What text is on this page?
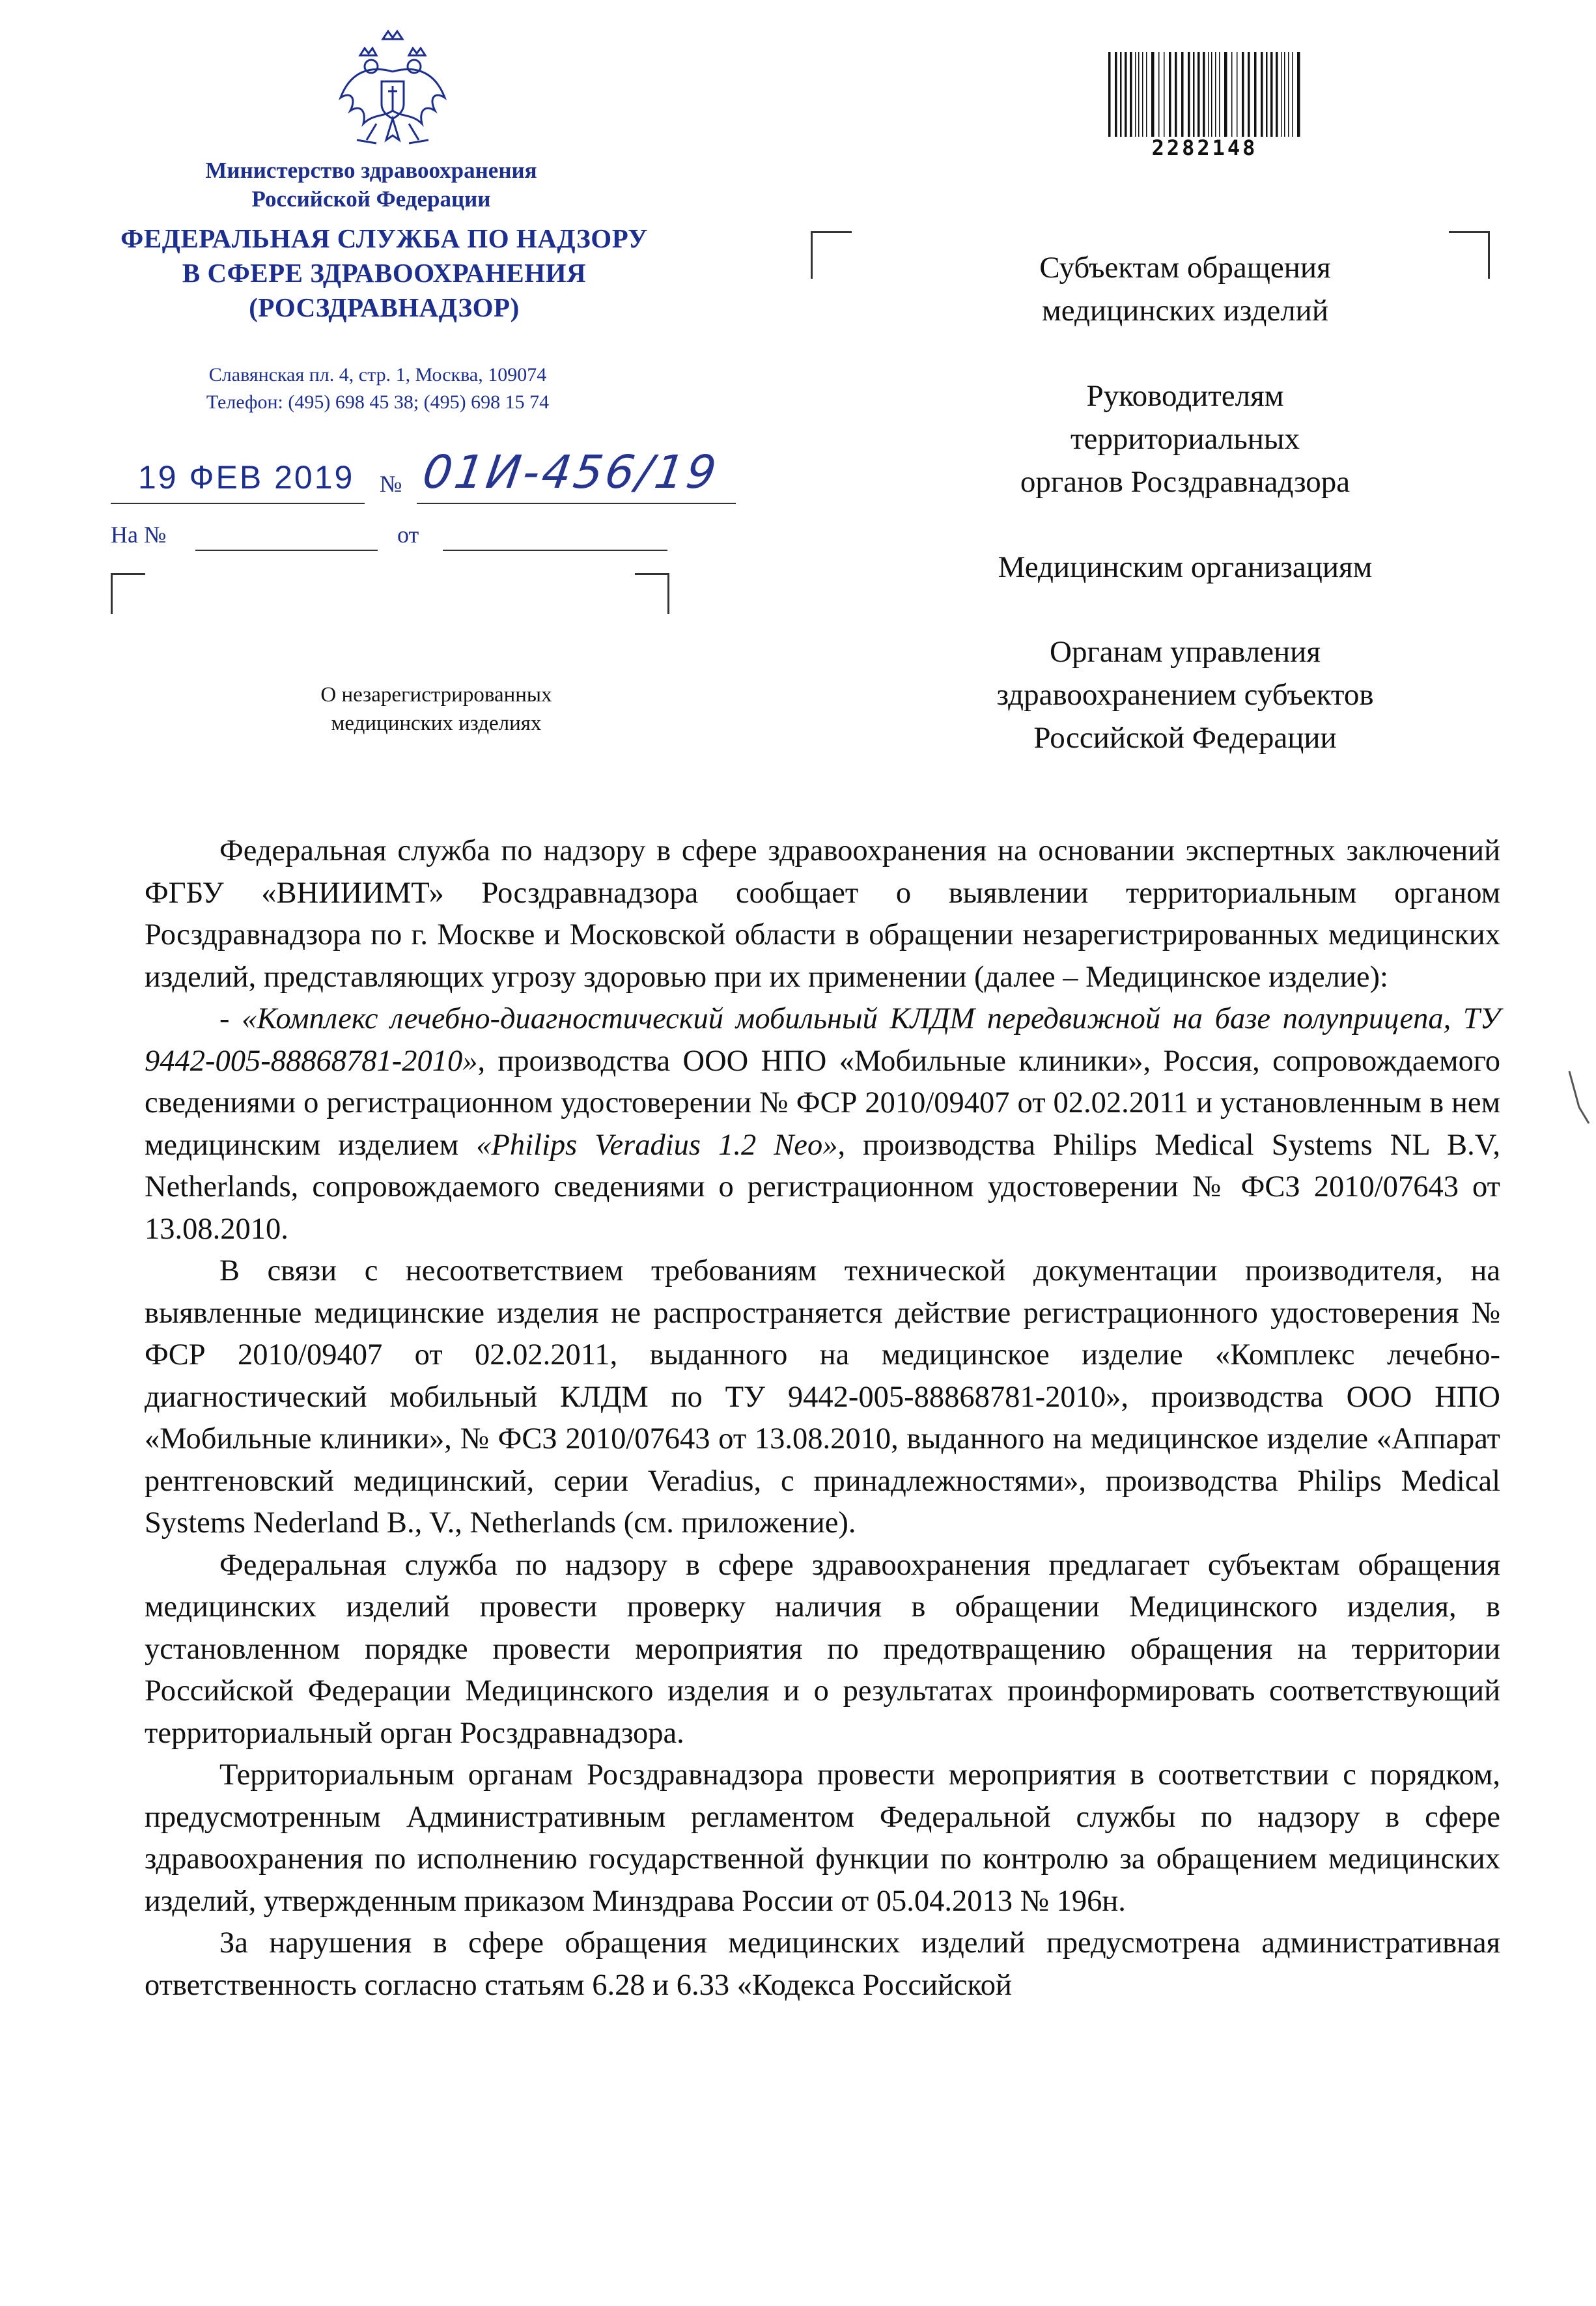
Министерство здравоохранения
Российской Федерации
ФЕДЕРАЛЬНАЯ СЛУЖБА ПО НАДЗОРУ
В СФЕРЕ ЗДРАВООХРАНЕНИЯ
(РОСЗДРАВНАДЗОР)
Славянская пл. 4, стр. 1, Москва, 109074
Телефон: (495) 698 45 38; (495) 698 15 74
19 ФЕВ 2019 № 01И-456/19
На №	от
О незарегистрированных
медицинских изделиях
2282148
Субъектам обращения
медицинских изделий
Руководителям
территориальных
органов Росздравнадзора
Медицинским организациям
Органам управления
здравоохранением субъектов
Российской Федерации

Федеральная служба по надзору в сфере здравоохранения на основании экспертных заключений ФГБУ «ВНИИИМТ» Росздравнадзора сообщает о выявлении территориальным органом Росздравнадзора по г. Москве и Московской области в обращении незарегистрированных медицинских изделий, представляющих угрозу здоровью при их применении (далее – Медицинское изделие):

- «Комплекс лечебно-диагностический мобильный КЛДМ передвижной на базе полуприцепа, ТУ 9442-005-88868781-2010», производства ООО НПО «Мобильные клиники», Россия, сопровождаемого сведениями о регистрационном удостоверении № ФСР 2010/09407 от 02.02.2011 и установленным в нем медицинским изделием «Philips Veradius 1.2 Neo», производства Philips Medical Systems NL B.V, Netherlands, сопровождаемого сведениями о регистрационном удостоверении № ФСЗ 2010/07643 от 13.08.2010.

В связи с несоответствием требованиям технической документации производителя, на выявленные медицинские изделия не распространяется действие регистрационного удостоверения № ФСР 2010/09407 от 02.02.2011, выданного на медицинское изделие «Комплекс лечебно-диагностический мобильный КЛДМ по ТУ 9442-005-88868781-2010», производства ООО НПО «Мобильные клиники», № ФСЗ 2010/07643 от 13.08.2010, выданного на медицинское изделие «Аппарат рентгеновский медицинский, серии Veradius, с принадлежностями», производства Philips Medical Systems Nederland B., V., Netherlands (см. приложение).

Федеральная служба по надзору в сфере здравоохранения предлагает субъектам обращения медицинских изделий провести проверку наличия в обращении Медицинского изделия, в установленном порядке провести мероприятия по предотвращению обращения на территории Российской Федерации Медицинского изделия и о результатах проинформировать соответствующий территориальный орган Росздравнадзора.

Территориальным органам Росздравнадзора провести мероприятия в соответствии с порядком, предусмотренным Административным регламентом Федеральной службы по надзору в сфере здравоохранения по исполнению государственной функции по контролю за обращением медицинских изделий, утвержденным приказом Минздрава России от 05.04.2013 № 196н.

За нарушения в сфере обращения медицинских изделий предусмотрена административная ответственность согласно статьям 6.28 и 6.33 «Кодекса Российской
